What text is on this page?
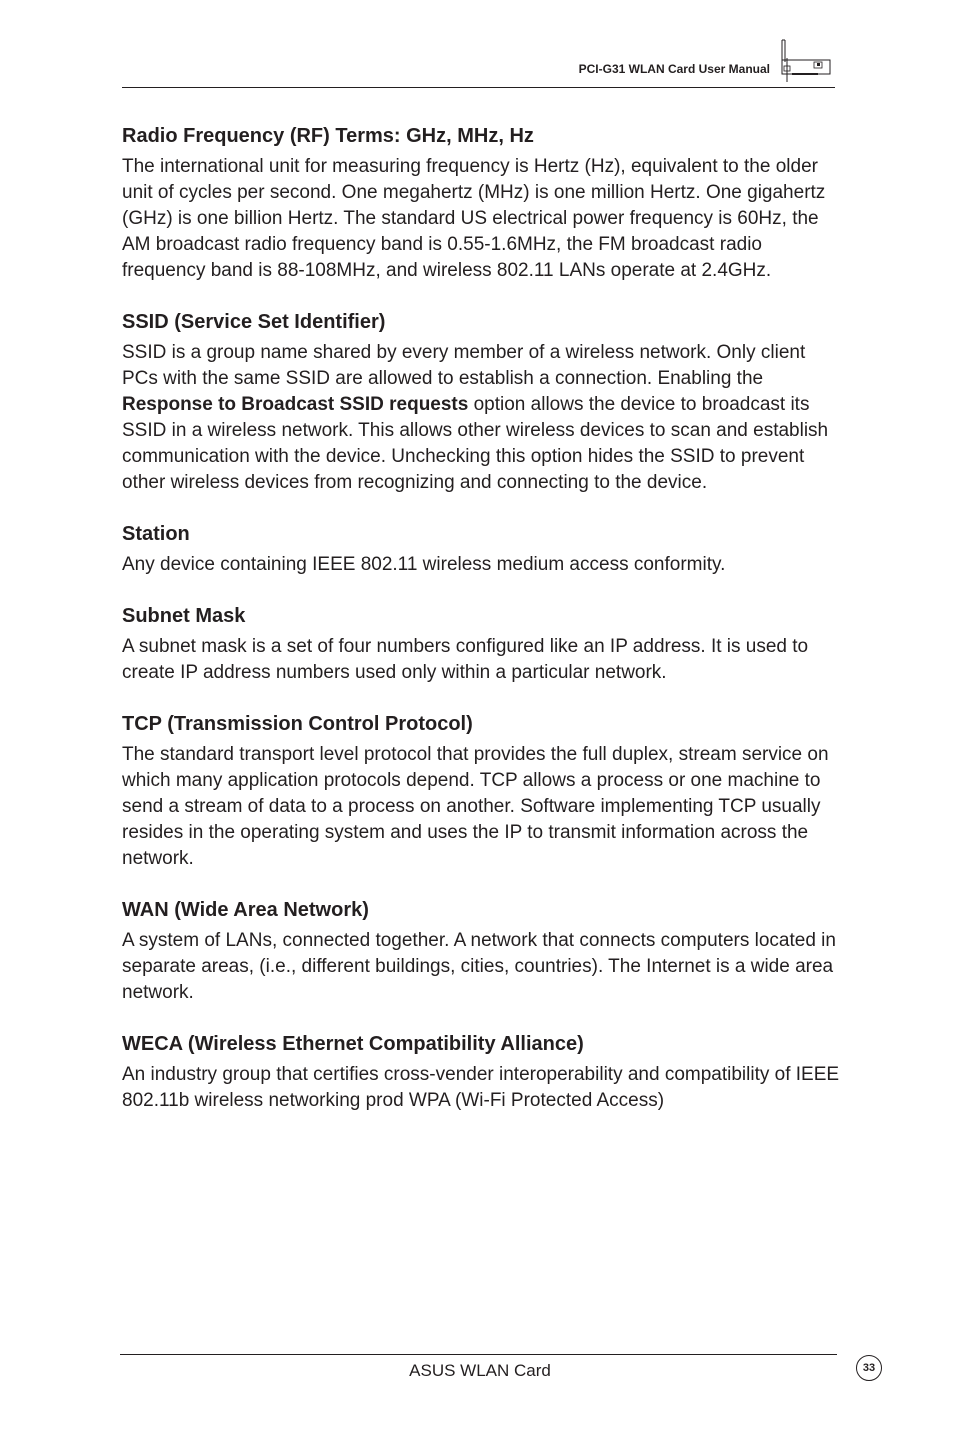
PCI-G31 WLAN Card User Manual
Radio Frequency (RF) Terms: GHz, MHz, Hz

The international unit for measuring frequency is Hertz (Hz), equivalent to the older unit of cycles per second. One megahertz (MHz) is one million Hertz. One gigahertz (GHz) is one billion Hertz. The standard US electrical power frequency is 60Hz, the AM broadcast radio frequency band is 0.55-1.6MHz, the FM broadcast radio frequency band is 88-108MHz, and wireless 802.11 LANs operate at 2.4GHz.

SSID (Service Set Identifier)

SSID is a group name shared by every member of a wireless network. Only client PCs with the same SSID are allowed to establish a connection. Enabling the Response to Broadcast SSID requests option allows the device to broadcast its SSID in a wireless network. This allows other wireless devices to scan and establish communication with the device. Unchecking this option hides the SSID to prevent other wireless devices from recognizing and connecting to the device.

Station

Any device containing IEEE 802.11 wireless medium access conformity.

Subnet Mask

A subnet mask is a set of four numbers configured like an IP address. It is used to create IP address numbers used only within a particular network.

TCP (Transmission Control Protocol)

The standard transport level protocol that provides the full duplex, stream service on which many application protocols depend. TCP allows a process or one machine to send a stream of data to a process on another. Software implementing TCP usually resides in the operating system and uses the IP to transmit information across the network.

WAN (Wide Area Network)

A system of LANs, connected together. A network that connects computers located in separate areas, (i.e., different buildings, cities, countries). The Internet is a wide area network.

WECA (Wireless Ethernet Compatibility Alliance)

An industry group that certifies cross-vender interoperability and compatibility of IEEE 802.11b wireless networking prod WPA (Wi-Fi Protected Access)

ASUS WLAN Card	33
